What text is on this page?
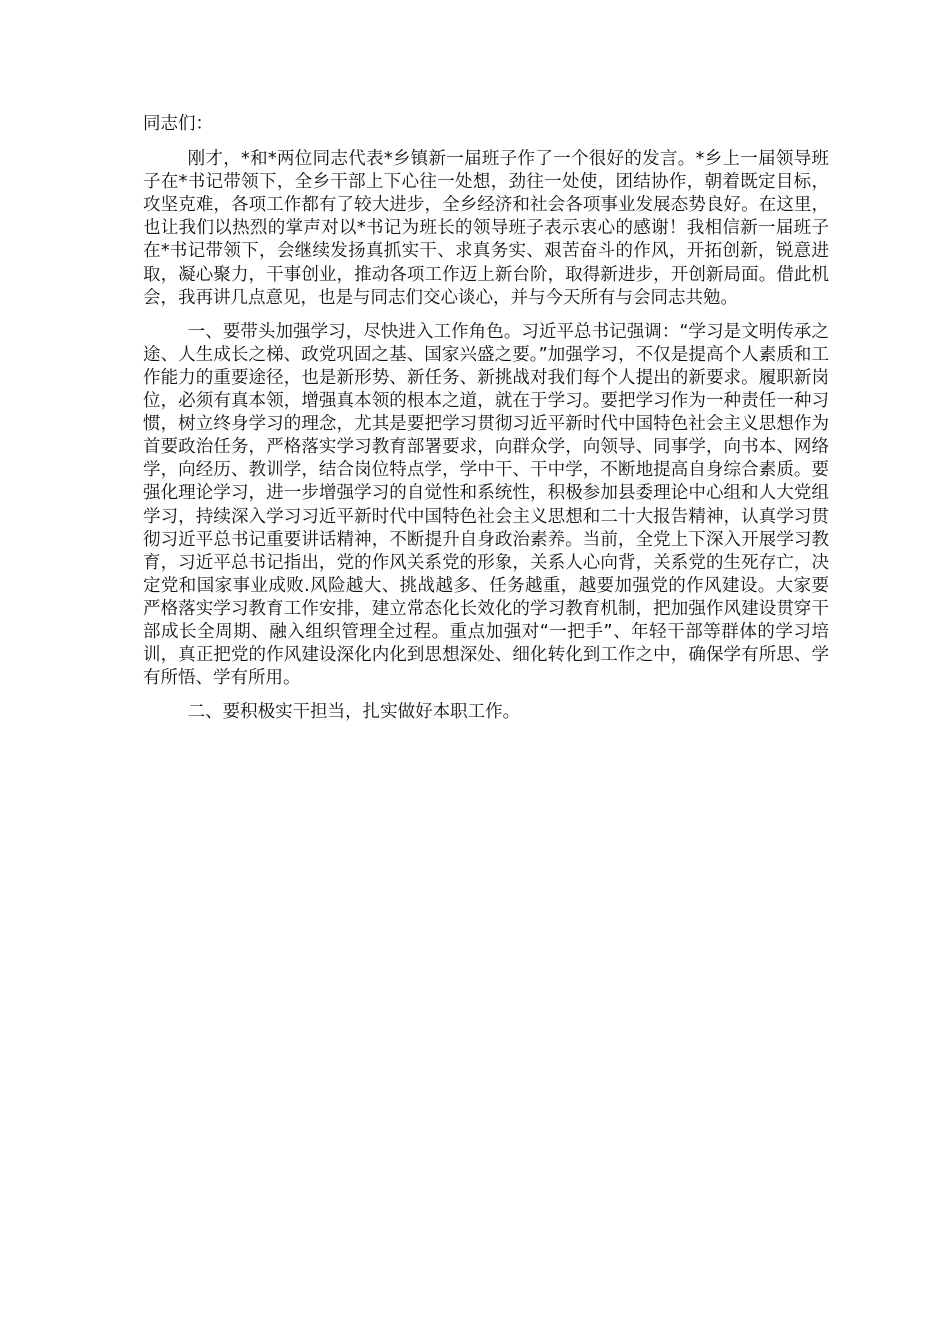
同志们：

刚才，*和*两位同志代表*乡镇新一届班子作了一个很好的发言。*乡上一届领导班子在*书记带领下，全乡干部上下心往一处想，劲往一处使，团结协作，朝着既定目标，攻坚克难，各项工作都有了较大进步，全乡经济和社会各项事业发展态势良好。在这里，也让我们以热烈的掌声对以*书记为班长的领导班子表示衷心的感谢！我相信新一届班子在*书记带领下，会继续发扬真抓实干、求真务实、艰苦奋斗的作风，开拓创新，锐意进取，凝心聚力，干事创业，推动各项工作迈上新台阶，取得新进步，开创新局面。借此机会，我再讲几点意见，也是与同志们交心谈心，并与今天所有与会同志共勉。

一、要带头加强学习，尽快进入工作角色。习近平总书记强调：“学习是文明传承之途、人生成长之梯、政党巩固之基、国家兴盛之要。”加强学习，不仅是提高个人素质和工作能力的重要途径，也是新形势、新任务、新挑战对我们每个人提出的新要求。履职新岗位，必须有真本领，增强真本领的根本之道，就在于学习。要把学习作为一种责任一种习惯，树立终身学习的理念，尤其是要把学习贯彻习近平新时代中国特色社会主义思想作为首要政治任务，严格落实学习教育部署要求，向群众学，向领导、同事学，向书本、网络学，向经历、教训学，结合岗位特点学，学中干、干中学，不断地提高自身综合素质。要强化理论学习，进一步增强学习的自觉性和系统性，积极参加县委理论中心组和人大党组学习，持续深入学习习近平新时代中国特色社会主义思想和二十大报告精神，认真学习贯彻习近平总书记重要讲话精神，不断提升自身政治素养。当前，全党上下深入开展学习教育，习近平总书记指出，党的作风关系党的形象，关系人心向背，关系党的生死存亡，决定党和国家事业成败.风险越大、挑战越多、任务越重，越要加强党的作风建设。大家要严格落实学习教育工作安排，建立常态化长效化的学习教育机制，把加强作风建设贯穿干部成长全周期、融入组织管理全过程。重点加强对“一把手”、年轻干部等群体的学习培训，真正把党的作风建设深化内化到思想深处、细化转化到工作之中，确保学有所思、学有所悟、学有所用。

二、要积极实干担当，扎实做好本职工作。
